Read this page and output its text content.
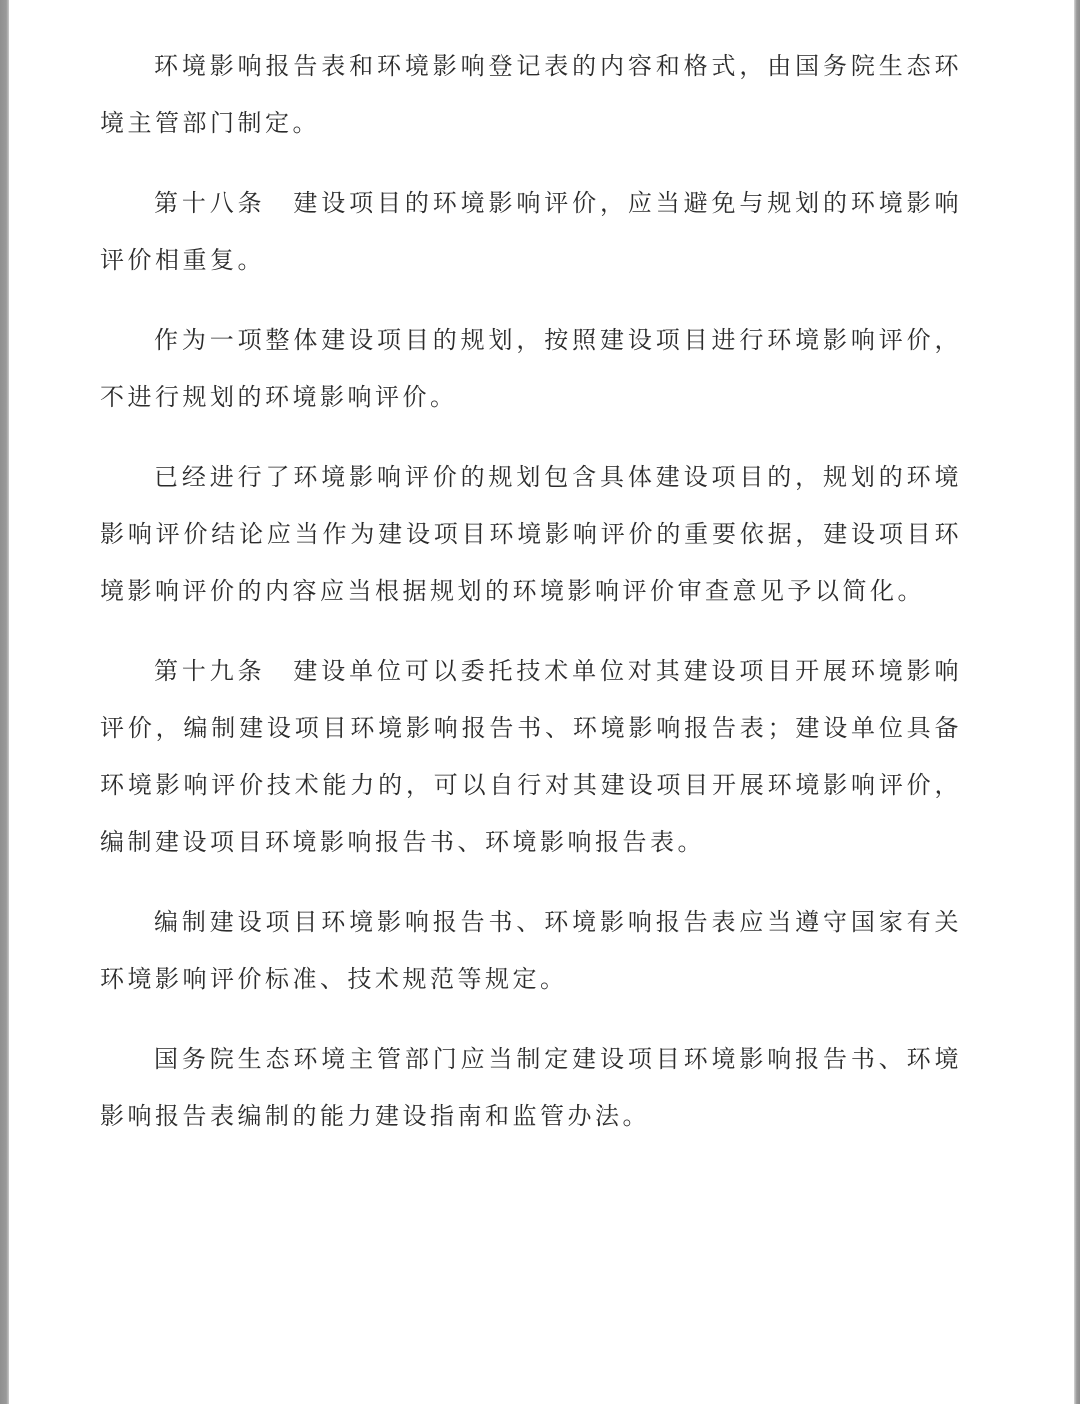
环境影响报告表和环境影响登记表的内容和格式，由国务院生态环境主管部门制定。

第十八条　建设项目的环境影响评价，应当避免与规划的环境影响评价相重复。

作为一项整体建设项目的规划，按照建设项目进行环境影响评价，不进行规划的环境影响评价。

已经进行了环境影响评价的规划包含具体建设项目的，规划的环境影响评价结论应当作为建设项目环境影响评价的重要依据，建设项目环境影响评价的内容应当根据规划的环境影响评价审查意见予以简化。

第十九条　建设单位可以委托技术单位对其建设项目开展环境影响评价，编制建设项目环境影响报告书、环境影响报告表；建设单位具备环境影响评价技术能力的，可以自行对其建设项目开展环境影响评价，编制建设项目环境影响报告书、环境影响报告表。

编制建设项目环境影响报告书、环境影响报告表应当遵守国家有关环境影响评价标准、技术规范等规定。

国务院生态环境主管部门应当制定建设项目环境影响报告书、环境影响报告表编制的能力建设指南和监管办法。
